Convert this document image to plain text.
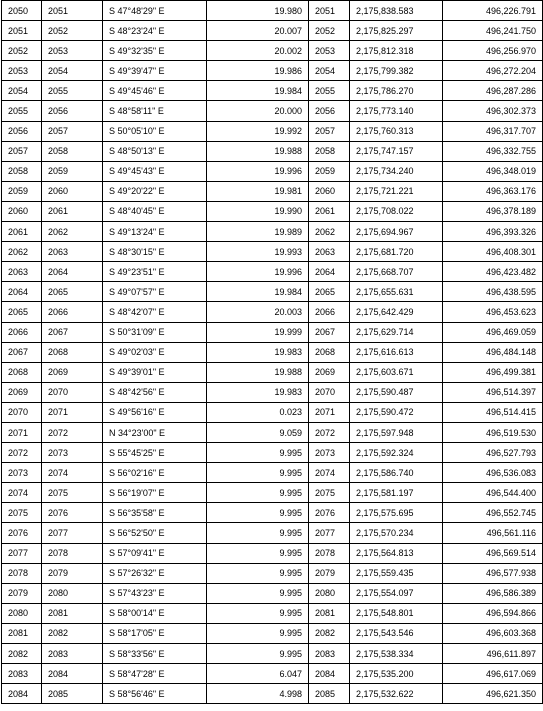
2050	2051	S 47°48'29" E	19.980	2051	2,175,838.583	496,226.791
2051	2052	S 48°23'24" E	20.007	2052	2,175,825.297	496,241.750
2052	2053	S 49°32'35" E	20.002	2053	2,175,812.318	496,256.970
2053	2054	S 49°39'47" E	19.986	2054	2,175,799.382	496,272.204
2054	2055	S 49°45'46" E	19.984	2055	2,175,786.270	496,287.286
2055	2056	S 48°58'11" E	20.000	2056	2,175,773.140	496,302.373
2056	2057	S 50°05'10" E	19.992	2057	2,175,760.313	496,317.707
2057	2058	S 48°50'13" E	19.988	2058	2,175,747.157	496,332.755
2058	2059	S 49°45'43" E	19.996	2059	2,175,734.240	496,348.019
2059	2060	S 49°20'22" E	19.981	2060	2,175,721.221	496,363.176
2060	2061	S 48°40'45" E	19.990	2061	2,175,708.022	496,378.189
2061	2062	S 49°13'24" E	19.989	2062	2,175,694.967	496,393.326
2062	2063	S 48°30'15" E	19.993	2063	2,175,681.720	496,408.301
2063	2064	S 49°23'51" E	19.996	2064	2,175,668.707	496,423.482
2064	2065	S 49°07'57" E	19.984	2065	2,175,655.631	496,438.595
2065	2066	S 48°42'07" E	20.003	2066	2,175,642.429	496,453.623
2066	2067	S 50°31'09" E	19.999	2067	2,175,629.714	496,469.059
2067	2068	S 49°02'03" E	19.983	2068	2,175,616.613	496,484.148
2068	2069	S 49°39'01" E	19.988	2069	2,175,603.671	496,499.381
2069	2070	S 48°42'56" E	19.983	2070	2,175,590.487	496,514.397
2070	2071	S 49°56'16" E	0.023	2071	2,175,590.472	496,514.415
2071	2072	N 34°23'00" E	9.059	2072	2,175,597.948	496,519.530
2072	2073	S 55°45'25" E	9.995	2073	2,175,592.324	496,527.793
2073	2074	S 56°02'16" E	9.995	2074	2,175,586.740	496,536.083
2074	2075	S 56°19'07" E	9.995	2075	2,175,581.197	496,544.400
2075	2076	S 56°35'58" E	9.995	2076	2,175,575.695	496,552.745
2076	2077	S 56°52'50" E	9.995	2077	2,175,570.234	496,561.116
2077	2078	S 57°09'41" E	9.995	2078	2,175,564.813	496,569.514
2078	2079	S 57°26'32" E	9.995	2079	2,175,559.435	496,577.938
2079	2080	S 57°43'23" E	9.995	2080	2,175,554.097	496,586.389
2080	2081	S 58°00'14" E	9.995	2081	2,175,548.801	496,594.866
2081	2082	S 58°17'05" E	9.995	2082	2,175,543.546	496,603.368
2082	2083	S 58°33'56" E	9.995	2083	2,175,538.334	496,611.897
2083	2084	S 58°47'28" E	6.047	2084	2,175,535.200	496,617.069
2084	2085	S 58°56'46" E	4.998	2085	2,175,532.622	496,621.350
